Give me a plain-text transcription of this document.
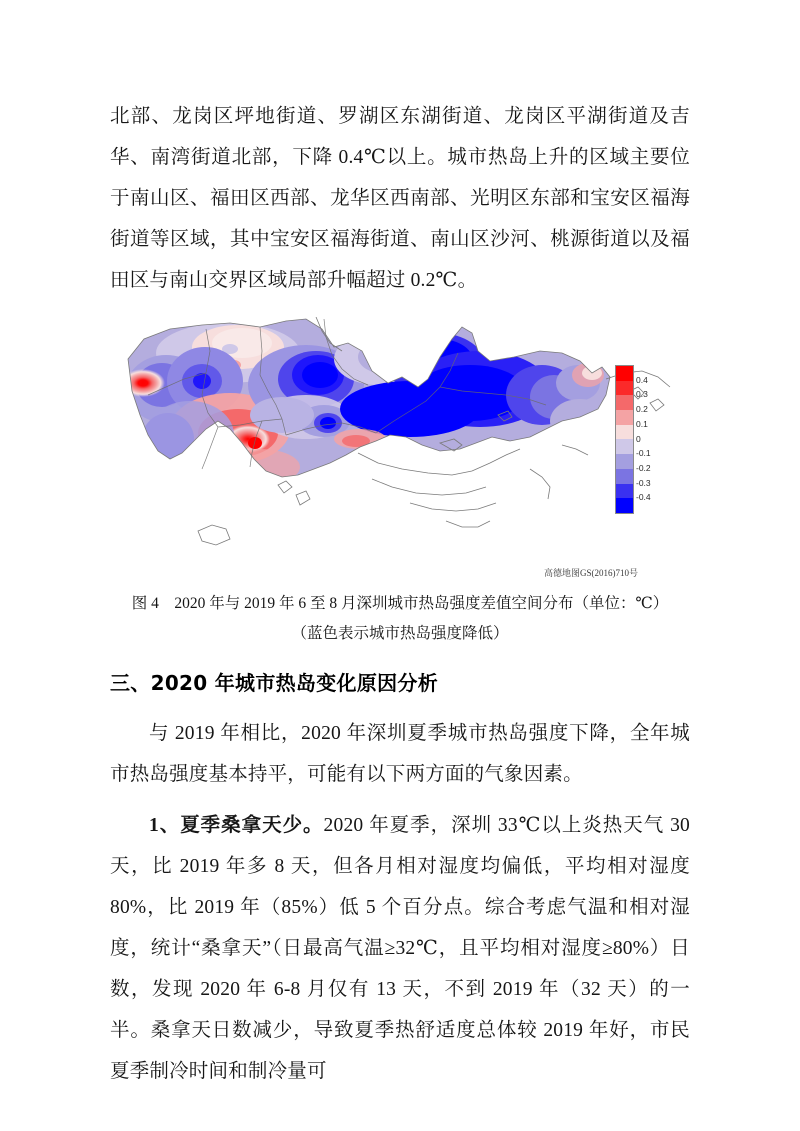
北部、龙岗区坪地街道、罗湖区东湖街道、龙岗区平湖街道及吉华、南湾街道北部，下降 0.4℃以上。城市热岛上升的区域主要位于南山区、福田区西部、龙华区西南部、光明区东部和宝安区福海街道等区域，其中宝安区福海街道、南山区沙河、桃源街道以及福田区与南山交界区域局部升幅超过 0.2℃。

0.4
0.3
0.2
0.1
0
-0.1
-0.2
-0.3
-0.4
高德地图GS(2016)710号

图 4　2020 年与 2019 年 6 至 8 月深圳城市热岛强度差值空间分布（单位：℃）

（蓝色表示城市热岛强度降低）

三、2020 年城市热岛变化原因分析

与 2019 年相比，2020 年深圳夏季城市热岛强度下降，全年城市热岛强度基本持平，可能有以下两方面的气象因素。

1、夏季桑拿天少。2020 年夏季，深圳 33℃以上炎热天气 30 天，比 2019 年多 8 天，但各月相对湿度均偏低，平均相对湿度 80%，比 2019 年（85%）低 5 个百分点。综合考虑气温和相对湿度，统计“桑拿天”（日最高气温≥32℃，且平均相对湿度≥80%）日数，发现 2020 年 6-8 月仅有 13 天，不到 2019 年（32 天）的一半。桑拿天日数减少，导致夏季热舒适度总体较 2019 年好，市民夏季制冷时间和制冷量可
